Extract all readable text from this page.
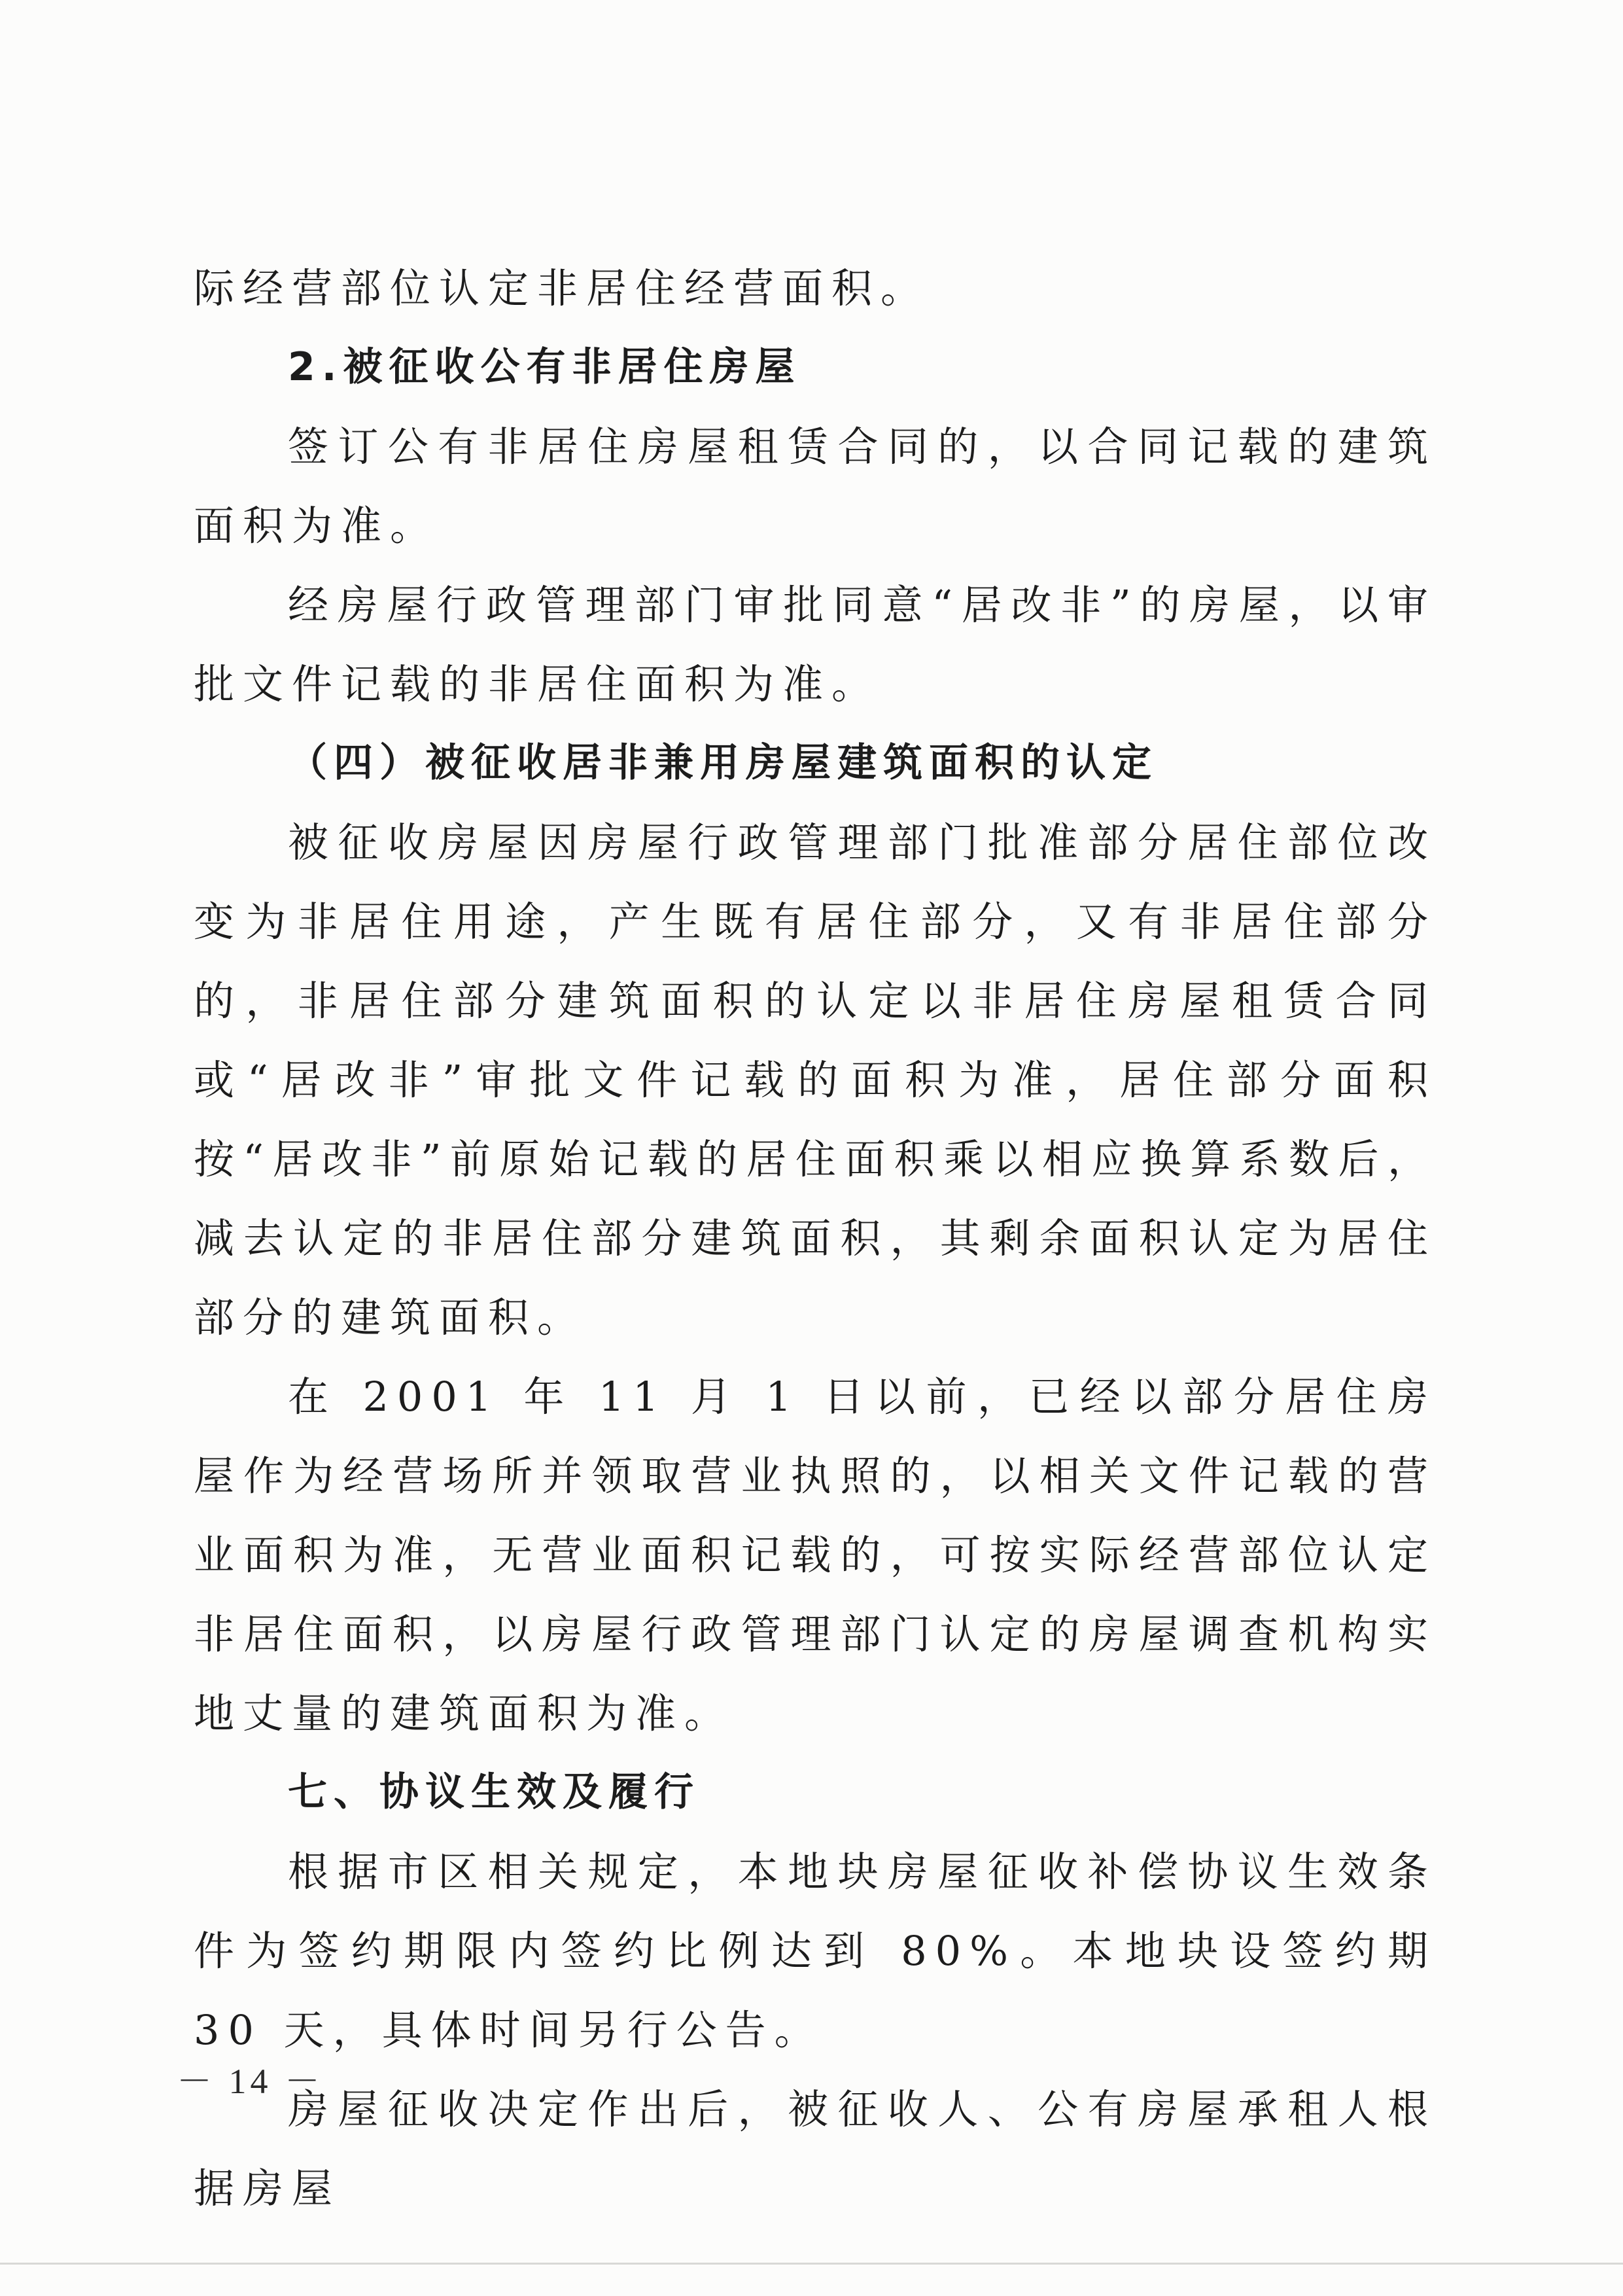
际经营部位认定非居住经营面积。

2.被征收公有非居住房屋

签订公有非居住房屋租赁合同的，以合同记载的建筑面积为准。

经房屋行政管理部门审批同意“居改非”的房屋，以审批文件记载的非居住面积为准。

（四）被征收居非兼用房屋建筑面积的认定

被征收房屋因房屋行政管理部门批准部分居住部位改变为非居住用途，产生既有居住部分，又有非居住部分的，非居住部分建筑面积的认定以非居住房屋租赁合同或“居改非”审批文件记载的面积为准，居住部分面积按“居改非”前原始记载的居住面积乘以相应换算系数后，减去认定的非居住部分建筑面积，其剩余面积认定为居住部分的建筑面积。

在 2001 年 11 月 1 日以前，已经以部分居住房屋作为经营场所并领取营业执照的，以相关文件记载的营业面积为准，无营业面积记载的，可按实际经营部位认定非居住面积，以房屋行政管理部门认定的房屋调查机构实地丈量的建筑面积为准。

七、协议生效及履行

根据市区相关规定，本地块房屋征收补偿协议生效条件为签约期限内签约比例达到 80%。本地块设签约期 30 天，具体时间另行公告。

房屋征收决定作出后，被征收人、公有房屋承租人根据房屋

－ 14 －
